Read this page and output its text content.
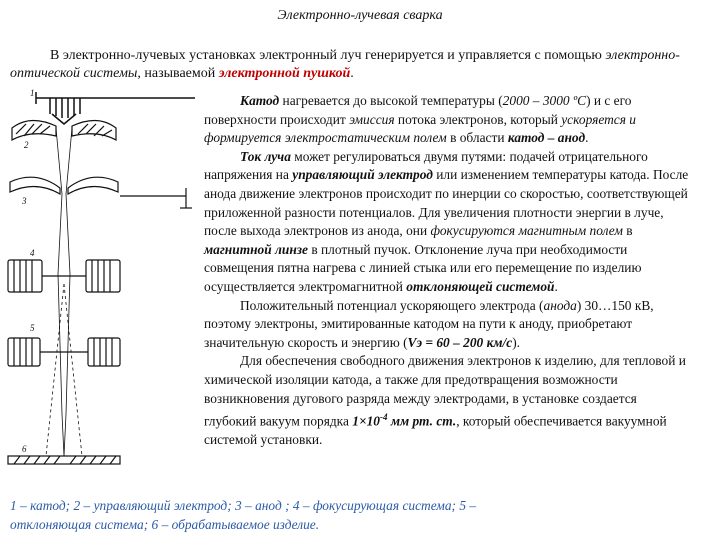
Электронно-лучевая сварка
В электронно-лучевых установках электронный луч генерируется и управляется с помощью электронно-оптической системы, называемой электронной пушкой.

Катод нагревается до высокой температуры (2000 – 3000 ºС) и с его поверхности происходит эмиссия потока электронов, который ускоряется и формируется электростатическим полем в области катод – анод.

Ток луча может регулироваться двумя путями: подачей отрицательного напряжения на управляющий электрод или изменением температуры катода. После анода движение электронов происходит по инерции со скоростью, соответствующей приложенной разности потенциалов. Для увеличения плотности энергии в луче, после выхода электронов из анода, они фокусируются магнитным полем в магнитной линзе в плотный пучок. Отклонение луча при необходимости совмещения пятна нагрева с линией стыка или его перемещение по изделию осуществляется электромагнитной отклоняющей системой.

Положительный потенциал ускоряющего электрода (анода) 30…150 кВ, поэтому электроны, эмитированные катодом на пути к аноду, приобретают значительную скорость и энергию (Vэ = 60 – 200 км/с).

Для обеспечения свободного движения электронов к изделию, для тепловой и химической изоляции катода, а также для предотвращения возможности возникновения дугового разряда между электродами, в установке создается глубокий вакуум порядка $1\times 10^{-4}$ мм рт. ст., который обеспечивается вакуумной системой установки.

1
2
3
4
5
6
1 – катод; 2 – управляющий электрод; 3 – анод ; 4 – фокусирующая система; 5 – отклоняющая система; 6 – обрабатываемое изделие.
